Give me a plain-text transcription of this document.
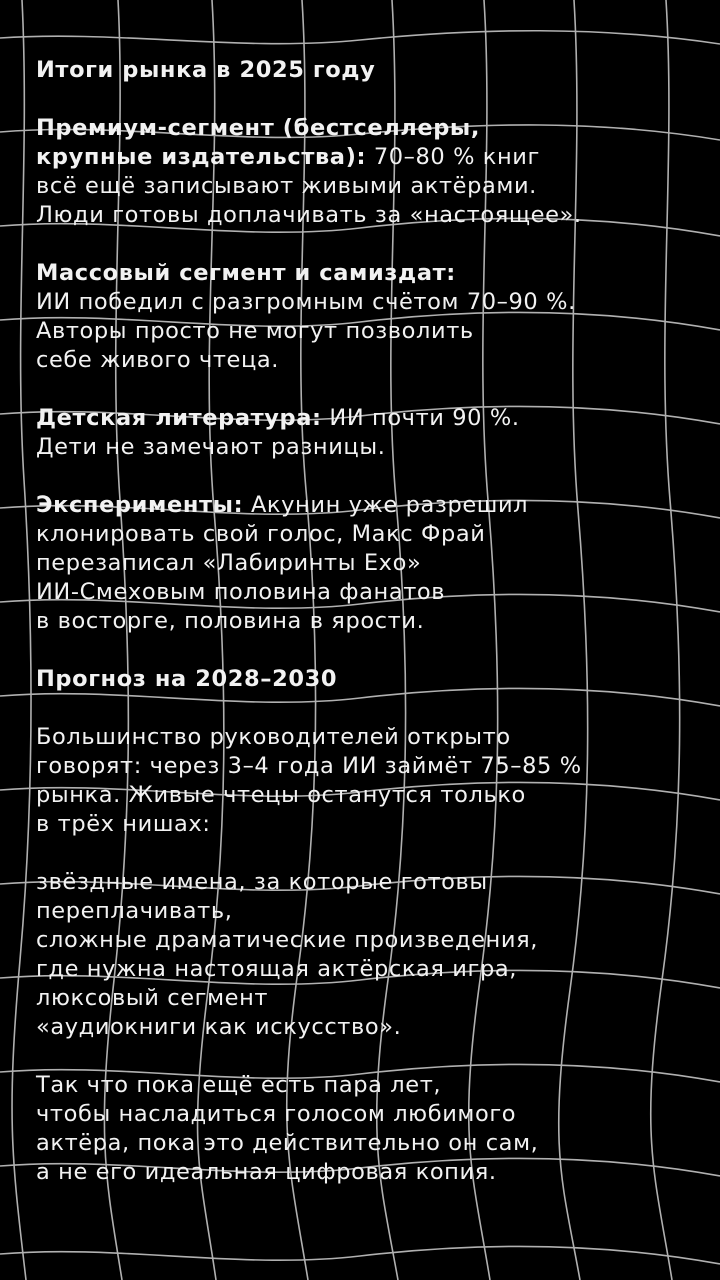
Итоги рынка в 2025 году
Премиум-сегмент (бестселлеры,
крупные издательства): 70–80 % книг
всё ещё записывают живыми актёрами.
Люди готовы доплачивать за «настоящее».
Массовый сегмент и самиздат:
ИИ победил с разгромным счётом 70–90 %.
Авторы просто не могут позволить
себе живого чтеца.
Детская литература: ИИ почти 90 %.
Дети не замечают разницы.
Эксперименты: Акунин уже разрешил
клонировать свой голос, Макс Фрай
перезаписал «Лабиринты Ехо»
ИИ-Смеховым половина фанатов
в восторге, половина в ярости.
Прогноз на 2028–2030
Большинство руководителей открыто
говорят: через 3–4 года ИИ займёт 75–85 %
рынка. Живые чтецы останутся только
в трёх нишах:
звёздные имена, за которые готовы
переплачивать,
сложные драматические произведения,
где нужна настоящая актёрская игра,
люксовый сегмент
«аудиокниги как искусство».
Так что пока ещё есть пара лет,
чтобы насладиться голосом любимого
актёра, пока это действительно он сам,
а не его идеальная цифровая копия.
